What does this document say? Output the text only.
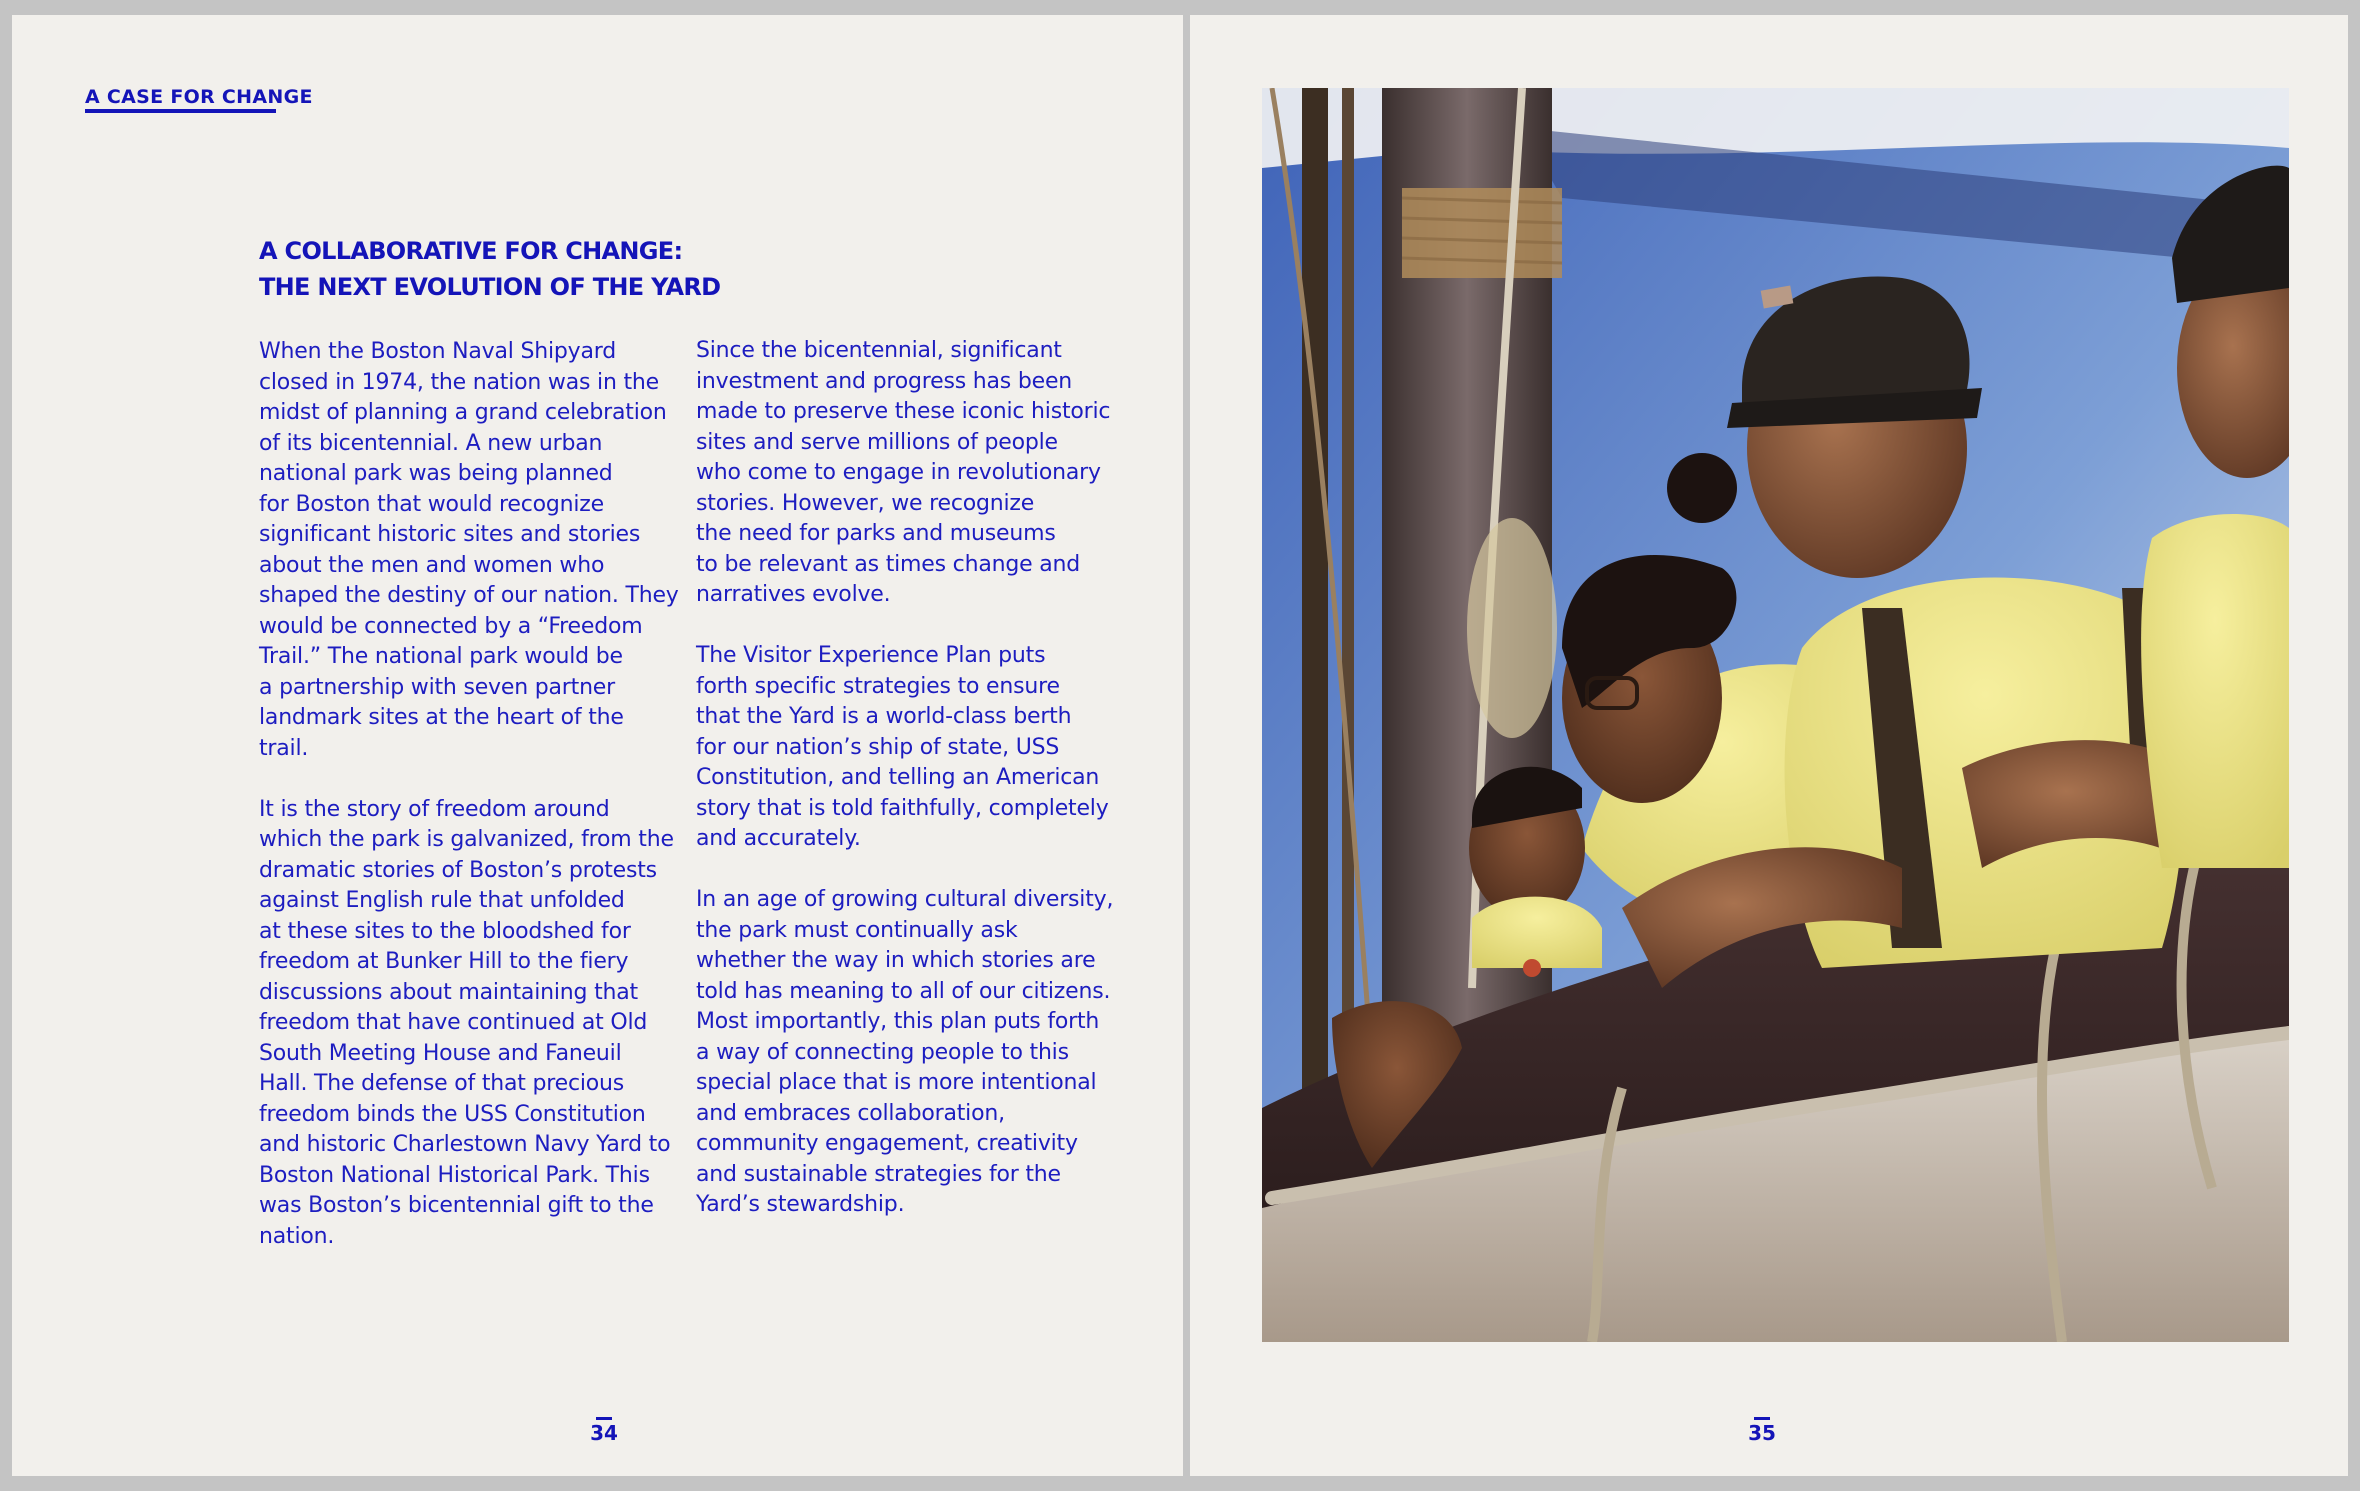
A CASE FOR CHANGE
A COLLABORATIVE FOR CHANGE:
THE NEXT EVOLUTION OF THE YARD

When the Boston Naval Shipyard
closed in 1974, the nation was in the
midst of planning a grand celebration
of its bicentennial. A new urban
national park was being planned
for Boston that would recognize
significant historic sites and stories
about the men and women who
shaped the destiny of our nation. They
would be connected by a “Freedom
Trail.” The national park would be
a partnership with seven partner
landmark sites at the heart of the
trail.

It is the story of freedom around
which the park is galvanized, from the
dramatic stories of Boston’s protests
against English rule that unfolded
at these sites to the bloodshed for
freedom at Bunker Hill to the fiery
discussions about maintaining that
freedom that have continued at Old
South Meeting House and Faneuil
Hall. The defense of that precious
freedom binds the USS Constitution
and historic Charlestown Navy Yard to
Boston National Historical Park. This
was Boston’s bicentennial gift to the
nation.

Since the bicentennial, significant
investment and progress has been
made to preserve these iconic historic
sites and serve millions of people
who come to engage in revolutionary
stories. However, we recognize
the need for parks and museums
to be relevant as times change and
narratives evolve.

The Visitor Experience Plan puts
forth specific strategies to ensure
that the Yard is a world-class berth
for our nation’s ship of state, USS
Constitution, and telling an American
story that is told faithfully, completely
and accurately.

In an age of growing cultural diversity,
the park must continually ask
whether the way in which stories are
told has meaning to all of our citizens.
Most importantly, this plan puts forth
a way of connecting people to this
special place that is more intentional
and embraces collaboration,
community engagement, creativity
and sustainable strategies for the
Yard’s stewardship.

34	35
